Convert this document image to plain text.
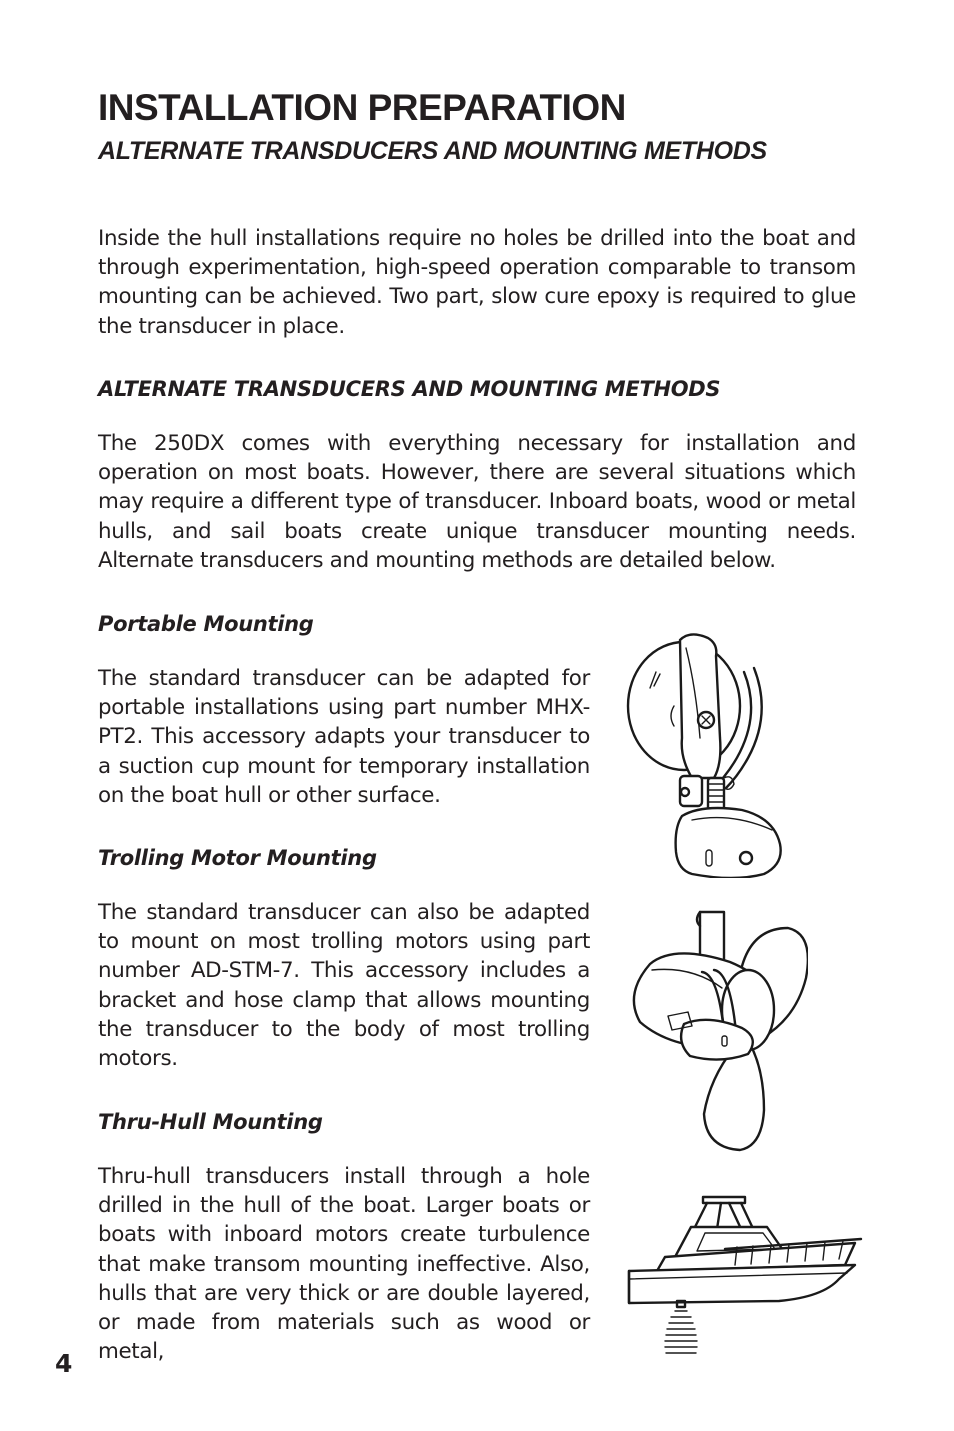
INSTALLATION PREPARATION
ALTERNATE TRANSDUCERS AND MOUNTING METHODS

Inside the hull installations require no holes be drilled into the boat and through experimentation, high-speed operation comparable to transom mounting can be achieved. Two part, slow cure epoxy is required to glue the transducer in place.

ALTERNATE TRANSDUCERS AND MOUNTING METHODS

The 250DX comes with everything necessary for installation and operation on most boats. However, there are several situations which may require a different type of transducer. Inboard boats, wood or metal hulls, and sail boats create unique transducer mounting needs. Alternate transducers and mounting methods are detailed below.

Portable Mounting

The standard transducer can be adapted for portable installations using part number MHX-PT2. This accessory adapts your transducer to a suction cup mount for temporary installation on the boat hull or other surface.

Trolling Motor Mounting

The standard transducer can also be adapted to mount on most trolling motors using part number AD-STM-7. This accessory includes a bracket and hose clamp that allows mounting the transducer to the body of most trolling motors.

Thru-Hull Mounting

Thru-hull transducers install through a hole drilled in the hull of the boat. Larger boats or boats with inboard motors create turbulence that make transom mounting ineffective. Also, hulls that are very thick or are double layered, or made from materials such as wood or metal,

4
